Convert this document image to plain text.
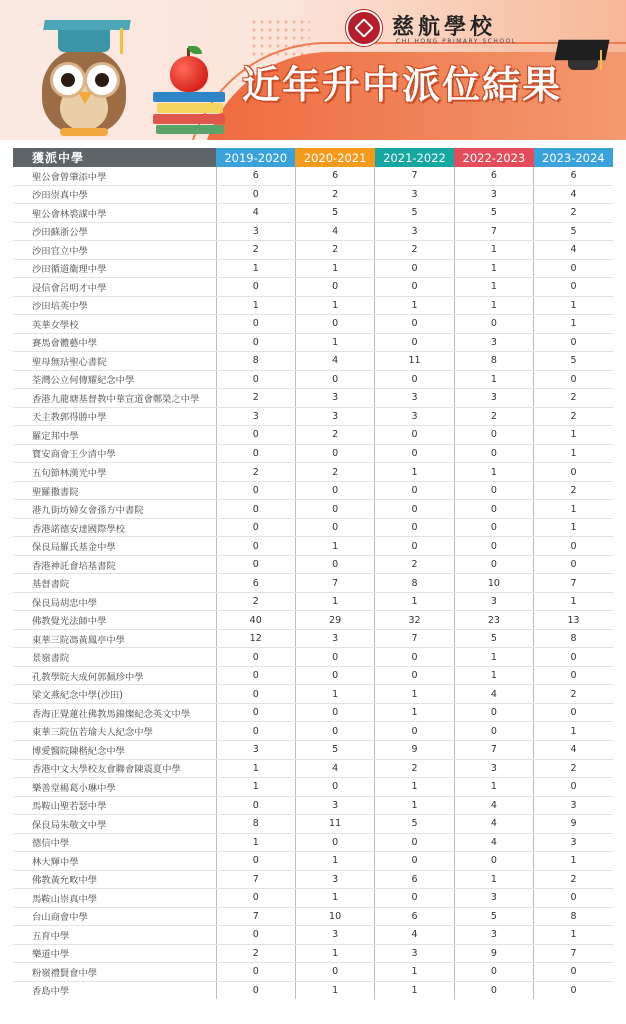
慈航學校
CHI HONG PRIMARY SCHOOL
近年升中派位結果
獲派中學	2019-2020	2020-2021	2021-2022	2022-2023	2023-2024
聖公會曾肇添中學	6	6	7	6	6
沙田崇真中學	0	2	3	3	4
聖公會林裘謀中學	4	5	5	5	2
沙田蘇浙公學	3	4	3	7	5
沙田官立中學	2	2	2	1	4
沙田循道衞理中學	1	1	0	1	0
浸信會呂明才中學	0	0	0	1	0
沙田培英中學	1	1	1	1	1
英華女學校	0	0	0	0	1
賽馬會體藝中學	0	1	0	3	0
聖母無玷聖心書院	8	4	11	8	5
荃灣公立何傳耀紀念中學	0	0	0	1	0
香港九龍塘基督教中華宣道會鄭榮之中學	2	3	3	3	2
天主教郭得勝中學	3	3	3	2	2
羅定邦中學	0	2	0	0	1
寶安商會王少清中學	0	0	0	0	1
五旬節林漢光中學	2	2	1	1	0
聖羅撒書院	0	0	0	0	2
港九街坊婦女會孫方中書院	0	0	0	0	1
香港諾德安達國際學校	0	0	0	0	1
保良局羅氏基金中學	0	1	0	0	0
香港神託會培基書院	0	0	2	0	0
基督書院	6	7	8	10	7
保良局胡忠中學	2	1	1	3	1
佛教覺光法師中學	40	29	32	23	13
東華三院馮黃鳳亭中學	12	3	7	5	8
景嶺書院	0	0	0	1	0
孔教學院大成何郭佩珍中學	0	0	0	1	0
梁文燕紀念中學(沙田)	0	1	1	4	2
香海正覺蓮社佛教馬錦燦紀念英文中學	0	0	1	0	0
東華三院伍若瑜夫人紀念中學	0	0	0	0	1
博愛醫院陳楷紀念中學	3	5	9	7	4
香港中文大學校友會聯會陳震夏中學	1	4	2	3	2
樂善堂楊葛小琳中學	1	0	1	1	0
馬鞍山聖若瑟中學	0	3	1	4	3
保良局朱敬文中學	8	11	5	4	9
德信中學	1	0	0	4	3
林大輝中學	0	1	0	0	1
佛教黃允畋中學	7	3	6	1	2
馬鞍山崇真中學	0	1	0	3	0
台山商會中學	7	10	6	5	8
五育中學	0	3	4	3	1
樂道中學	2	1	3	9	7
粉嶺禮賢會中學	0	0	1	0	0
香島中學	0	1	1	0	0
